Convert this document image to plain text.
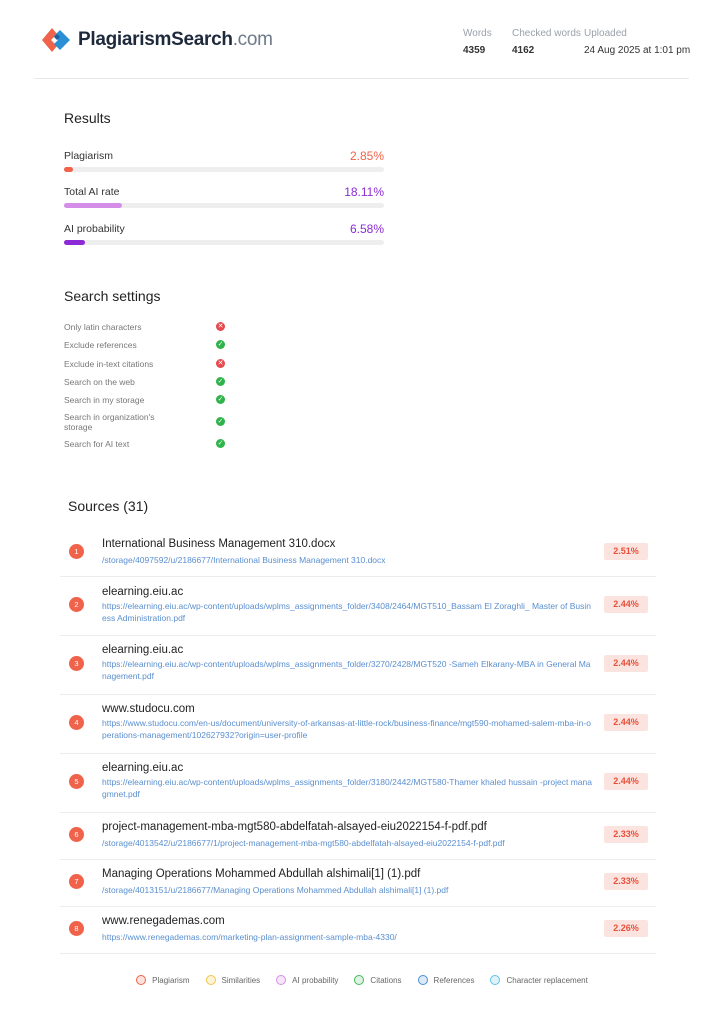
PlagiarismSearch.com	Words
4359
Checked words
4162
Uploaded
24 Aug 2025 at 1:01 pm
Results
Plagiarism	2.85%
Total AI rate	18.11%
AI probability	6.58%
Search settings
Only latin characters	✕
Exclude references	✓
Exclude in-text citations	✕
Search on the web	✓
Search in my storage	✓
Search in organization's storage
✓
Search for AI text	✓
Sources (31)
1
International Business Management 310.docx
/storage/4097592/u/2186677/International Business Management 310.docx
2.51%
2
elearning.eiu.ac
https://elearning.eiu.ac/wp-content/uploads/wplms_assignments_folder/3408/2464/MGT510_Bassam El Zoraghli_ Master of Business Administration.pdf
2.44%
3
elearning.eiu.ac
https://elearning.eiu.ac/wp-content/uploads/wplms_assignments_folder/3270/2428/MGT520 -Sameh Elkarany-MBA in General Management.pdf
2.44%
4
www.studocu.com
https://www.studocu.com/en-us/document/university-of-arkansas-at-little-rock/business-finance/mgt590-mohamed-salem-mba-in-operations-management/102627932?origin=user-profile
2.44%
5
elearning.eiu.ac
https://elearning.eiu.ac/wp-content/uploads/wplms_assignments_folder/3180/2442/MGT580-Thamer khaled hussain -project managmnet.pdf
2.44%
6
project-management-mba-mgt580-abdelfatah-alsayed-eiu2022154-f-pdf.pdf
/storage/4013542/u/2186677/1/project-management-mba-mgt580-abdelfatah-alsayed-eiu2022154-f-pdf.pdf
2.33%
7
Managing Operations Mohammed Abdullah alshimali[1] (1).pdf
/storage/4013151/u/2186677/Managing Operations Mohammed Abdullah alshimali[1] (1).pdf
2.33%
8
www.renegademas.com
https://www.renegademas.com/marketing-plan-assignment-sample-mba-4330/
2.26%
Plagiarism	Similarities	AI probability	Citations	References	Character replacement
